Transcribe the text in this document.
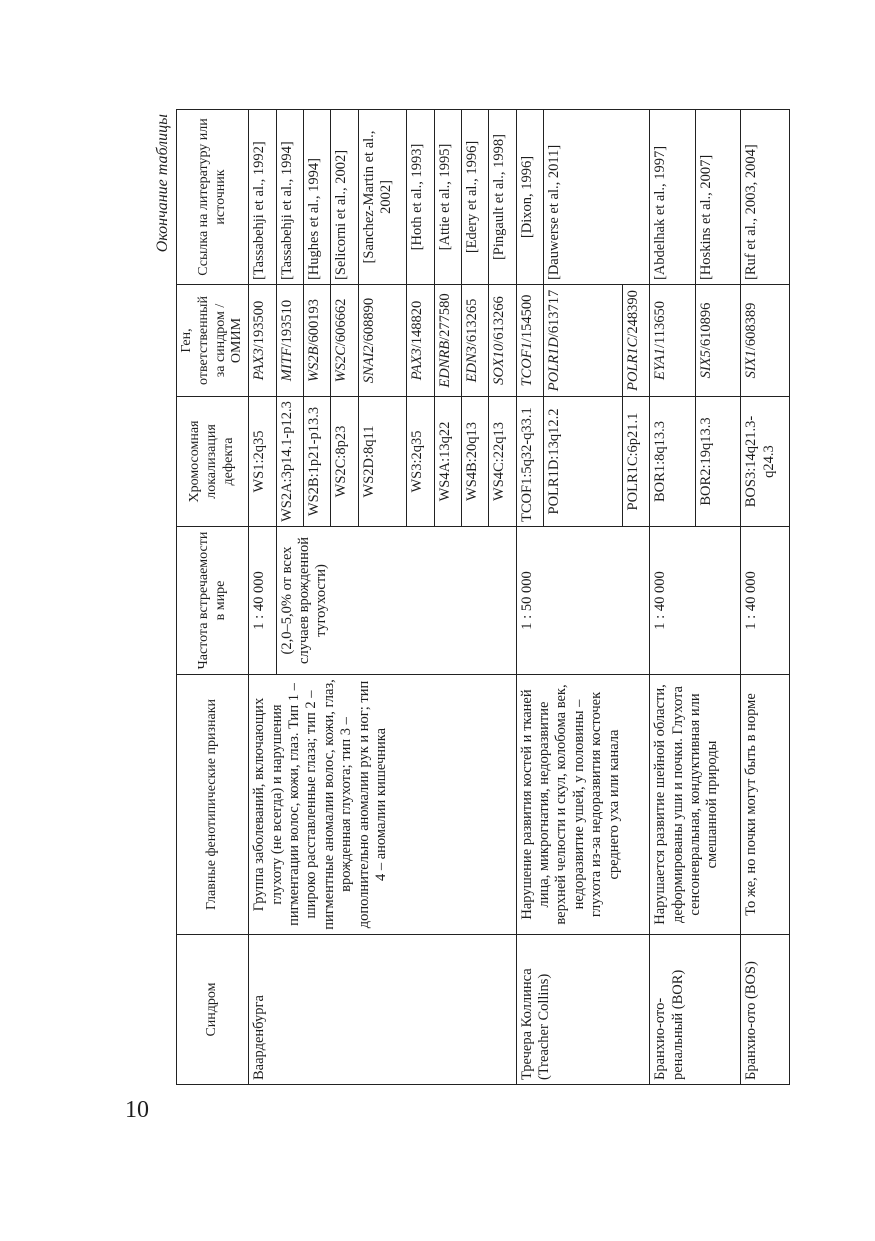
10
Окончание таблицы
Синдром	Главные фенотипические признаки	Частота встречаемости в мире	Хромосомная локализация дефекта	Ген, ответственный за синдром / ОМИМ	Ссылка на литературу или источник
Ваарденбурга	Группа заболеваний, включающих глухоту (не всегда) и нарушения пигментации волос, кожи, глаз. Тип 1 – широко расставленные глаза; тип 2 – пигментные аномалии волос, кожи, глаз, врожденная глухота; тип 3 – дополнительно аномалии рук и ног; тип 4 – аномалии кишечника	1 : 40 000	WS1:2q35	PAX3/193500	[Tassabehji et al., 1992]
		(2,0–5,0% от всех случаев врожденной тугоухости)	WS2A:3p14.1-p12.3	MITF/193510	[Tassabehji et al., 1994]
			WS2B:1p21-p13.3	WS2B/600193	[Hughes et al., 1994]
			WS2C:8p23	WS2C/606662	[Selicorni et al., 2002]
			WS2D:8q11	SNAI2/608890	[Sanchez-Martin et al., 2002]
			WS3:2q35	PAX3/148820	[Hoth et al., 1993]
			WS4A:13q22	EDNRB/277580	[Attie et al., 1995]
			WS4B:20q13	EDN3/613265	[Edery et al., 1996]
			WS4C:22q13	SOX10/613266	[Pingault et al., 1998]
Тречера Коллинса (Treacher Collins)	Нарушение развития костей и тканей лица, микрогнатия, недоразвитие верхней челюсти и скул, колобома век, недоразвитие ушей, у половины – глухота из-за недоразвития косточек среднего уха или канала	1 : 50 000	TCOF1:5q32-q33.1	TCOF1/154500	[Dixon, 1996]
			POLR1D:13q12.2	POLR1D/613717	[Dauwerse et al., 2011]
			POLR1C:6p21.1	POLR1C/248390	
Бранхио-ото-ренальный (BOR)	Нарушается развитие шейной области, деформированы уши и почки. Глухота сенсоневральная, кондуктивная или смешанной природы	1 : 40 000	BOR1:8q13.3	EYA1/113650	[Abdelhak et al., 1997]
			BOR2:19q13.3	SIX5/610896	[Hoskins et al., 2007]
Бранхио-ото (BOS)	То же, но почки могут быть в норме	1 : 40 000	BOS3:14q21.3-q24.3	SIX1/608389	[Ruf et al., 2003, 2004]
